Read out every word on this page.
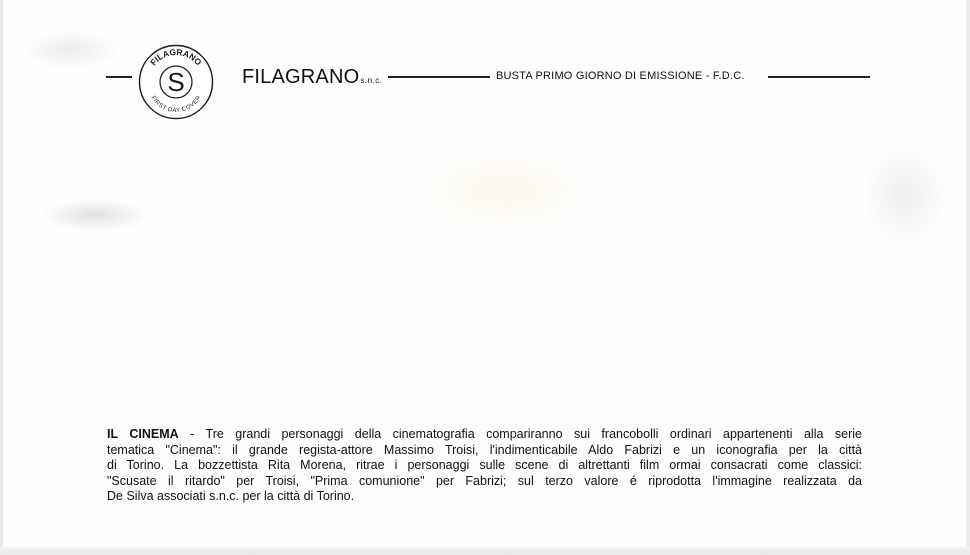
FILAGRANO
FIRST DAY COVER
S	FILAGRANOs.n.c.	BUSTA PRIMO GIORNO DI EMISSIONE - F.D.C.
IL CINEMA - Tre grandi personaggi della cinematografia compariranno sui francobolli ordinari appartenenti alla serie
tematica "Cinema": il grande regista-attore Massimo Troisi, l'indimenticabile Aldo Fabrizi e un iconografia per la città
di Torino. La bozzettista Rita Morena, ritrae i personaggi sulle scene di altrettanti film ormai consacrati come classici:
"Scusate il ritardo" per Troisi, "Prima comunione" per Fabrizi; sul terzo valore é riprodotta l'immagine realizzata da
De Silva associati s.n.c. per la città di Torino.
